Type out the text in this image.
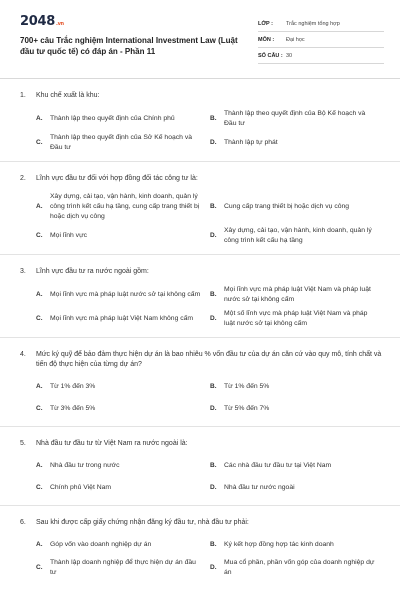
2048.vn
700+ câu Trắc nghiệm International Investment Law (Luật đầu tư quốc tế) có đáp án - Phần 11
LỚP :	Trắc nghiệm tổng hợp
MÔN :	Đại học
SỐ CÂU : 30
1.	Khu chế xuất là khu:
A.	Thành lập theo quyết định của Chính phủ	B.
Thành lập theo quyết định của Bộ Kế hoạch và Đầu tư
C.
Thành lập theo quyết định của Sở Kế hoạch và Đầu tư
D.	Thành lập tự phát
2.	Lĩnh vực đầu tư đối với hợp đồng đối tác công tư là:
A.
Xây dựng, cải tạo, vận hành, kinh doanh, quản lý công trình kết cấu hạ tầng, cung cấp trang thiết bị hoặc dịch vụ công
B.	Cung cấp trang thiết bị hoặc dịch vụ công
C.	Mọi lĩnh vực	D.
Xây dựng, cải tạo, vận hành, kinh doanh, quản lý công trình kết cấu hạ tầng
3.	Lĩnh vực đầu tư ra nước ngoài gồm:
A.	Mọi lĩnh vực mà pháp luật nước sở tại không cấm	B.
Mọi lĩnh vực mà pháp luật Việt Nam và pháp luật nước sở tại không cấm
C.	Mọi lĩnh vực mà pháp luật Việt Nam không cấm	D.
Một số lĩnh vực mà pháp luật Việt Nam và pháp luật nước sở tại không cấm
4.	Mức ký quỹ để bảo đảm thực hiện dự án là bao nhiêu % vốn đầu tư của dự án căn cứ vào quy mô, tính chất và tiến độ thực hiện của từng dự án?
A.	Từ 1% đến 3%	B.	Từ 1% đến 5%
C.	Từ 3% đến 5%	D.	Từ 5% đến 7%
5.	Nhà đầu tư đầu tư từ Việt Nam ra nước ngoài là:
A.	Nhà đầu tư trong nước	B.	Các nhà đầu tư đầu tư tại Việt Nam
C.	Chính phủ Việt Nam	D.	Nhà đầu tư nước ngoài
6.	Sau khi được cấp giấy chứng nhận đăng ký đầu tư, nhà đầu tư phải:
A.	Góp vốn vào doanh nghiệp dự án	B.	Ký kết hợp đồng hợp tác kinh doanh
C.
Thành lập doanh nghiệp để thực hiện dự án đầu tư
D.
Mua cổ phần, phần vốn góp của doanh nghiệp dự án
